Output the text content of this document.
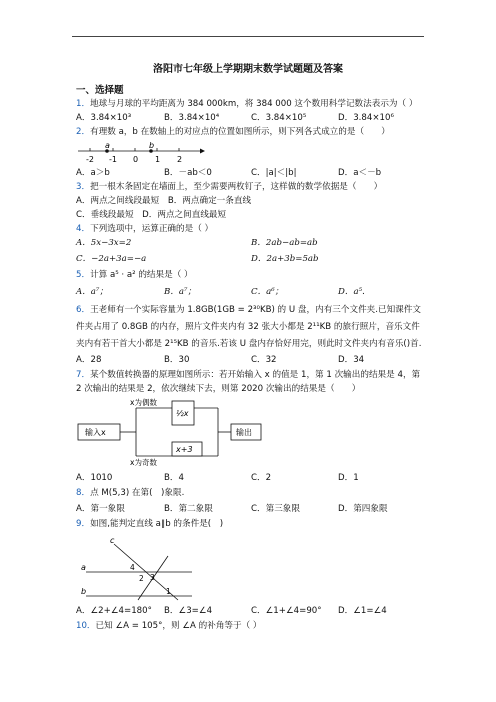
洛阳市七年级上学期期末数学试题题及答案
一、选择题
1．地球与月球的平均距离为 384 000km，将 384 000 这个数用科学记数法表示为（ ）
A．3.84×10³	B．3.84×10⁴	C．3.84×10⁵	D．3.84×10⁶
2．有理数 a，b 在数轴上的对应点的位置如图所示，则下列各式成立的是（　　）
a	b
-2 -1 0 1 2
A．a＞b	B．－ab＜0	C．|a|＜|b|	D．a＜－b
3．把一根木条固定在墙面上，至少需要两枚钉子，这样做的数学依据是（　　）
A．两点之间线段最短　B．两点确定一条直线
C．垂线段最短　D．两点之间直线最短
4．下列选项中，运算正确的是（ ）
A．5x−3x=2	B．2ab−ab=ab
C．−2a+3a=−a	D．2a+3b=5ab
5．计算 a⁵ · a² 的结果是（ ）
A．a⁷；	B．a⁷；	C．a⁶；	D．a⁵．
6．王老师有一个实际容量为 1.8GB(1GB = 2³⁰KB) 的 U 盘，内有三个文件夹.已知课件文
件夹占用了 0.8GB 的内存，照片文件夹内有 32 张大小都是 2¹¹KB 的旅行照片，音乐文件
夹内有若干首大小都是 2¹⁵KB 的音乐.若该 U 盘内存恰好用完，则此时文件夹内有音乐()首.
A．28	B．30	C．32	D．34
7．某个数值转换器的原理如图所示：若开始输入 x 的值是 1，第 1 次输出的结果是 4，第
2 次输出的结果是 2，依次继续下去，则第 2020 次输出的结果是（　　）
输入x
½x
x+3
x为偶数
x为奇数
输出
A．1010	B．4	C．2	D．1
8．点 M(5,3) 在第(　)象限.
A．第一象限	B．第二象限	C．第三象限	D．第四象限
9．如图,能判定直线 a∥b 的条件是(　)
c
a
b
4
3
2
1
A．∠2+∠4=180° B．∠3=∠4	C．∠1+∠4=90° D．∠1=∠4
10．已知 ∠A = 105°，则 ∠A 的补角等于（ ）
